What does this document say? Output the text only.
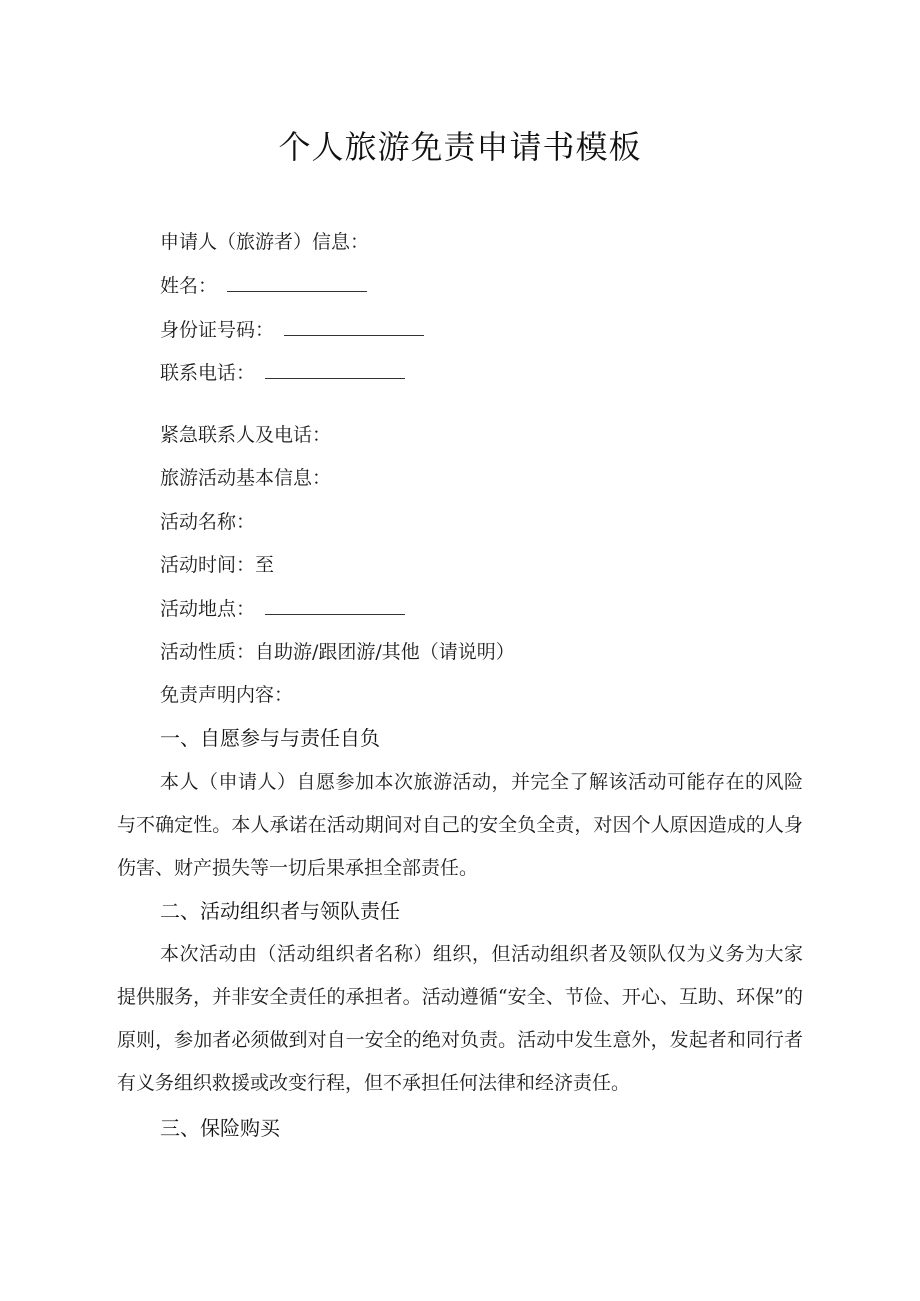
个人旅游免责申请书模板
申请人（旅游者）信息：
姓名：
身份证号码：
联系电话：
紧急联系人及电话：
旅游活动基本信息：
活动名称：
活动时间：至
活动地点：
活动性质：自助游/跟团游/其他（请说明）
免责声明内容：
一、自愿参与与责任自负
本人（申请人）自愿参加本次旅游活动，并完全了解该活动可能存在的风险与不确定性。本人承诺在活动期间对自己的安全负全责，对因个人原因造成的人身伤害、财产损失等一切后果承担全部责任。
二、活动组织者与领队责任
本次活动由（活动组织者名称）组织，但活动组织者及领队仅为义务为大家提供服务，并非安全责任的承担者。活动遵循“安全、节俭、开心、互助、环保”的原则，参加者必须做到对自一安全的绝对负责。活动中发生意外，发起者和同行者有义务组织救援或改变行程，但不承担任何法律和经济责任。
三、保险购买
